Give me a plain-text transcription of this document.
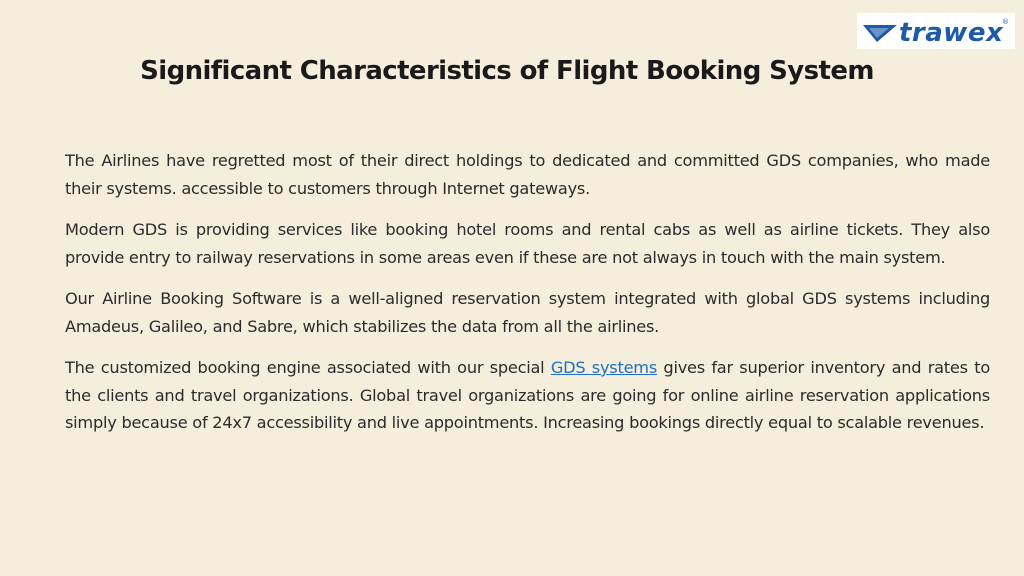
trawex
®
Significant Characteristics of Flight Booking System

The Airlines have regretted most of their direct holdings to dedicated and committed GDS companies, who made their systems. accessible to customers through Internet gateways.

Modern GDS is providing services like booking hotel rooms and rental cabs as well as airline tickets. They also provide entry to railway reservations in some areas even if these are not always in touch with the main system.

Our Airline Booking Software is a well-aligned reservation system integrated with global GDS systems including Amadeus, Galileo, and Sabre, which stabilizes the data from all the airlines.

The customized booking engine associated with our special GDS systems gives far superior inventory and rates to the clients and travel organizations. Global travel organizations are going for online airline reservation applications simply because of 24x7 accessibility and live appointments. Increasing bookings directly equal to scalable revenues.
